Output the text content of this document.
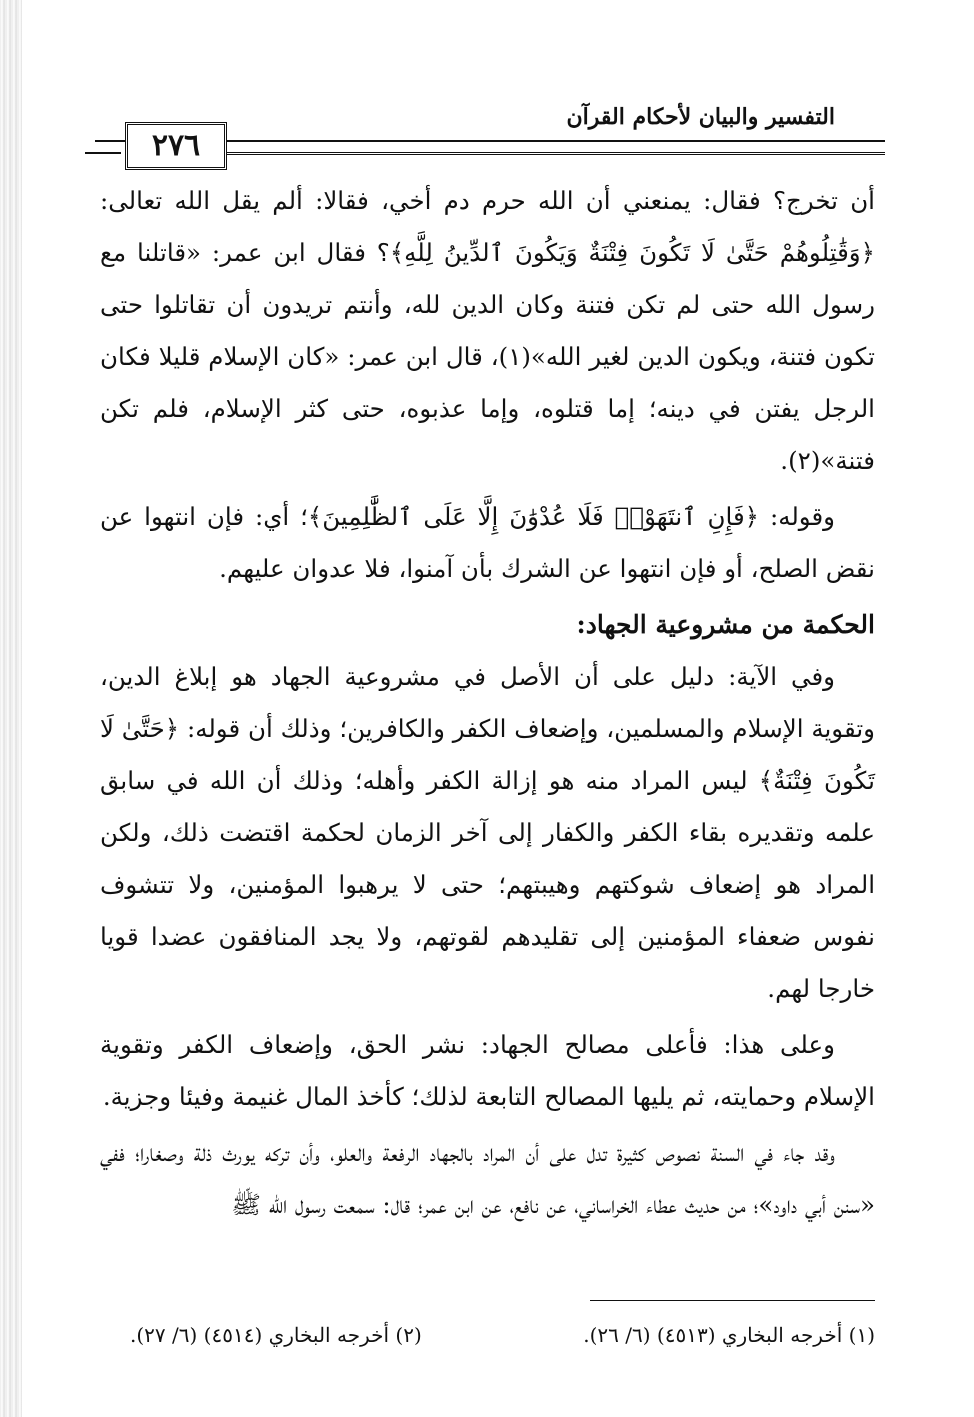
التفسير والبيان لأحكام القرآن
٢٧٦

أن تخرج؟ فقال: يمنعني أن الله حرم دم أخي، فقالا: ألم يقل الله تعالى: ﴿وَقَٰتِلُوهُمْ حَتَّىٰ لَا تَكُونَ فِتْنَةٌ وَيَكُونَ ٱلدِّينُ لِلَّهِ﴾؟ فقال ابن عمر: «قاتلنا مع رسول الله حتى لم تكن فتنة وكان الدين لله، وأنتم تريدون أن تقاتلوا حتى تكون فتنة، ويكون الدين لغير الله»(١)، قال ابن عمر: «كان الإسلام قليلا فكان الرجل يفتن في دينه؛ إما قتلوه، وإما عذبوه، حتى كثر الإسلام، فلم تكن فتنة»(٢).

وقوله: ﴿فَإِنِ ٱنتَهَوْا۟ فَلَا عُدْوَٰنَ إِلَّا عَلَى ٱلظَّٰلِمِينَ﴾؛ أي: فإن انتهوا عن نقض الصلح، أو فإن انتهوا عن الشرك بأن آمنوا، فلا عدوان عليهم.

الحكمة من مشروعية الجهاد:

وفي الآية: دليل على أن الأصل في مشروعية الجهاد هو إبلاغ الدين، وتقوية الإسلام والمسلمين، وإضعاف الكفر والكافرين؛ وذلك أن قوله: ﴿حَتَّىٰ لَا تَكُونَ فِتْنَةٌ﴾ ليس المراد منه هو إزالة الكفر وأهله؛ وذلك أن الله في سابق علمه وتقديره بقاء الكفر والكفار إلى آخر الزمان لحكمة اقتضت ذلك، ولكن المراد هو إضعاف شوكتهم وهيبتهم؛ حتى لا يرهبوا المؤمنين، ولا تتشوف نفوس ضعفاء المؤمنين إلى تقليدهم لقوتهم، ولا يجد المنافقون عضدا قويا خارجا لهم.

وعلى هذا: فأعلى مصالح الجهاد: نشر الحق، وإضعاف الكفر وتقوية الإسلام وحمايته، ثم يليها المصالح التابعة لذلك؛ كأخذ المال غنيمة وفيئا وجزية.

وقد جاء في السنة نصوص كثيرة تدل على أن المراد بالجهاد الرفعة والعلو، وأن تركه يورث ذلة وصغارا؛ ففي «سنن أبي داود»؛ من حديث عطاء الخراساني، عن نافع، عن ابن عمر؛ قال: سمعت رسول الله ﷺ

(١) أخرجه البخاري (٤٥١٣) (٦/ ٢٦).
(٢) أخرجه البخاري (٤٥١٤) (٦/ ٢٧).
